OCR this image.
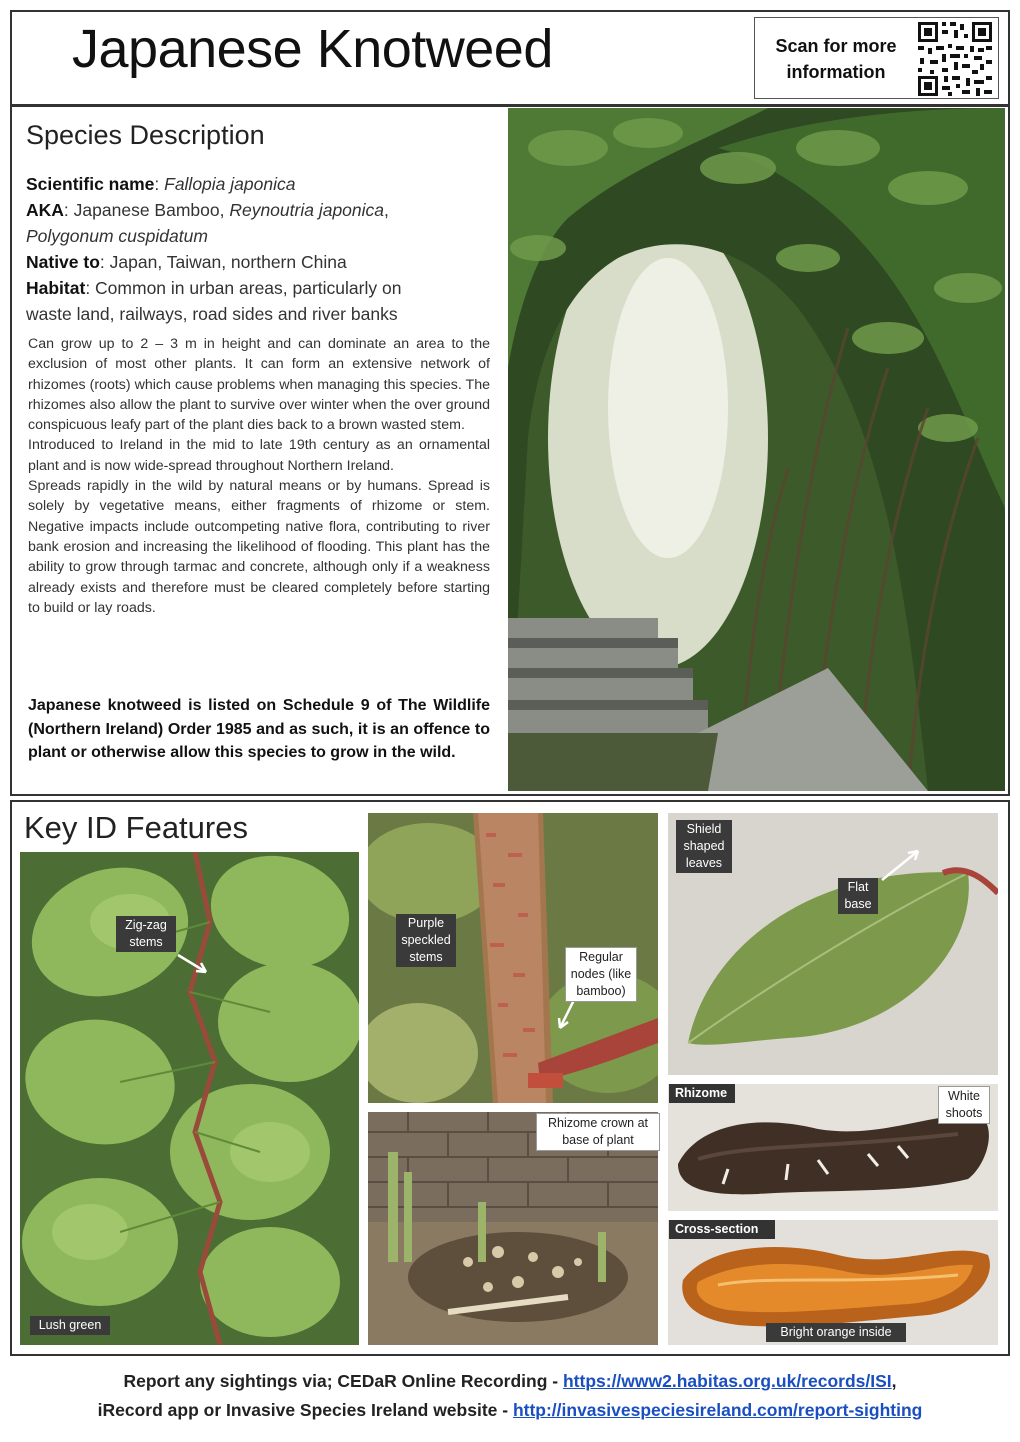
Japanese Knotweed	Scan for more
information
Species Description
Scientific name: Fallopia japonica
AKA: Japanese Bamboo, Reynoutria japonica,
Polygonum cuspidatum
Native to: Japan, Taiwan, northern China
Habitat: Common in urban areas, particularly on
waste land, railways, road sides and river banks

Can grow up to 2 – 3 m in height and can dominate an area to the exclusion of most other plants. It can form an extensive network of rhizomes (roots) which cause problems when managing this species. The rhizomes also allow the plant to survive over winter when the over ground conspicuous leafy part of the plant dies back to a brown wasted stem.

Introduced to Ireland in the mid to late 19th century as an ornamental plant and is now wide-spread throughout Northern Ireland.

Spreads rapidly in the wild by natural means or by humans. Spread is solely by vegetative means, either fragments of rhizome or stem. Negative impacts include outcompeting native flora, contributing to river bank erosion and increasing the likelihood of flooding. This plant has the ability to grow through tarmac and concrete, although only if a weakness already exists and therefore must be cleared completely before starting to build or lay roads.

Japanese knotweed is listed on Schedule 9 of The Wildlife (Northern Ireland) Order 1985 and as such, it is an offence to plant or otherwise allow this species to grow in the wild.
Key ID Features
Zig-zag
stems
Lush green
Purple
speckled
stems	Regular
nodes (like
bamboo)
Rhizome crown at
base of plant
Shield
shaped
leaves
Flat
base
Rhizome	White
shoots
Cross-section
Bright orange inside
Report any sightings via; CEDaR Online Recording - https://www2.habitas.org.uk/records/ISI,
iRecord app or Invasive Species Ireland website - http://invasivespeciesireland.com/report-sighting
